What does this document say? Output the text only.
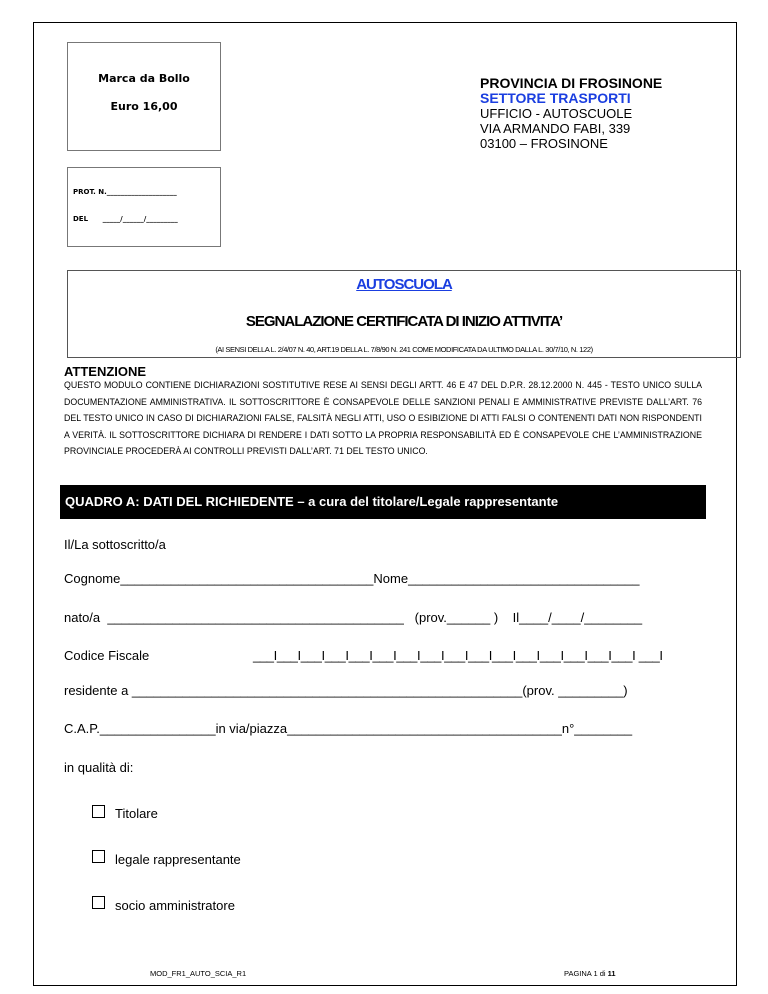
Marca da Bollo
Euro 16,00
PROVINCIA DI FROSINONE
SETTORE TRASPORTI
UFFICIO - AUTOSCUOLE
VIA ARMANDO FABI, 339
03100 – FROSINONE
PROT. N.____________________
DEL      _____/______/_________
AUTOSCUOLA
SEGNALAZIONE CERTIFICATA DI INIZIO ATTIVITA’
(AI SENSI DELLA L. 2/4/07 N. 40, ART.19 DELLA L. 7/8/90 N. 241 COME MODIFICATA DA ULTIMO DALLA L. 30/7/10, N. 122)
ATTENZIONE
QUESTO MODULO CONTIENE DICHIARAZIONI SOSTITUTIVE RESE AI SENSI DEGLI ARTT. 46 E 47 DEL D.P.R. 28.12.2000 N. 445 - TESTO UNICO SULLA DOCUMENTAZIONE AMMINISTRATIVA. IL SOTTOSCRITTORE È CONSAPEVOLE DELLE SANZIONI PENALI E AMMINISTRATIVE PREVISTE DALL’ART. 76 DEL TESTO UNICO IN CASO DI DICHIARAZIONI FALSE, FALSITÀ NEGLI ATTI, USO O ESIBIZIONE DI ATTI FALSI O CONTENENTI DATI NON RISPONDENTI A VERITÀ. IL SOTTOSCRITTORE DICHIARA DI RENDERE I DATI SOTTO LA PROPRIA RESPONSABILITÀ ED È CONSAPEVOLE CHE L’AMMINISTRAZIONE PROVINCIALE PROCEDERÀ AI CONTROLLI PREVISTI DALL’ART. 71 DEL TESTO UNICO.
QUADRO A: DATI DEL RICHIEDENTE – a cura del titolare/Legale rappresentante
Il/La sottoscritto/a
Cognome___________________________________Nome________________________________
nato/a  _________________________________________   (prov.______ )    Il____/____/________
Codice Fiscale	___I___I___I___I___I___I___I___I___I___I___I___I___I___I___I___I ___I
residente a ______________________________________________________(prov. _________)
C.A.P.________________in via/piazza______________________________________n°________
in qualità di:
Titolare
legale rappresentante
socio amministratore
MOD_FR1_AUTO_SCIA_R1	PAGINA 1 di 11
